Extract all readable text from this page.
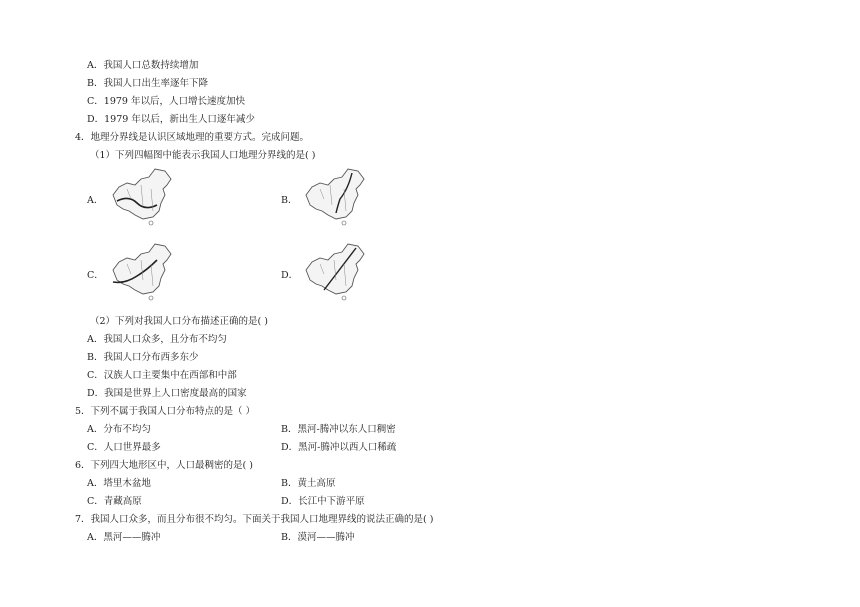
A．我国人口总数持续增加
B．我国人口出生率逐年下降
C．1979 年以后，人口增长速度加快
D．1979 年以后，新出生人口逐年减少
4．地理分界线是认识区域地理的重要方式。完成问题。
（1）下列四幅图中能表示我国人口地理分界线的是( )
A．	B．
C．	D．
（2）下列对我国人口分布描述正确的是( )
A．我国人口众多，且分布不均匀
B．我国人口分布西多东少
C．汉族人口主要集中在西部和中部
D．我国是世界上人口密度最高的国家
5．下列不属于我国人口分布特点的是（ ）
A．分布不均匀	B．黑河-腾冲以东人口稠密
C．人口世界最多	D．黑河-腾冲以西人口稀疏
6．下列四大地形区中，人口最稠密的是( )
A．塔里木盆地	B．黄土高原
C．青藏高原	D．长江中下游平原
7．我国人口众多，而且分布很不均匀。下面关于我国人口地理界线的说法正确的是( )
A．黑河——腾冲	B．漠河——腾冲
